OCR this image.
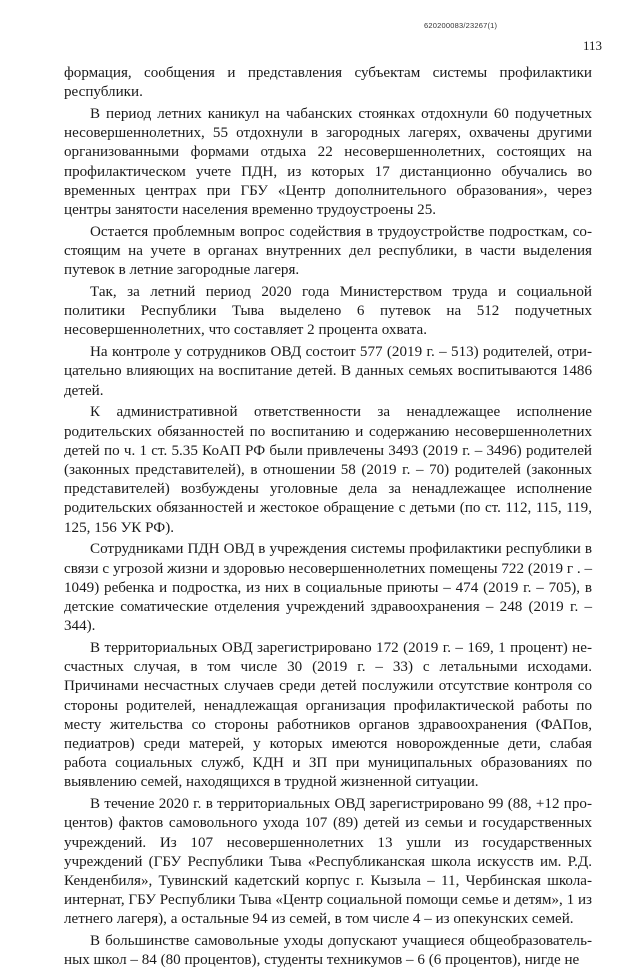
620200083/23267(1)
113

формация, сообщения и представления субъектам системы профилактики республики.

В период летних каникул на чабанских стоянках отдохнули 60 подучетных несовершеннолетних, 55 отдохнули в загородных лагерях, охвачены другими организованными формами отдыха 22 несовершеннолетних, состоящих на профилактическом учете ПДН, из которых 17 дистанционно обучались во временных центрах при ГБУ «Центр дополнительного образования», через центры занятости населения временно трудоустроены 25.

Остается проблемным вопрос содействия в трудоустройстве подросткам, состоящим на учете в органах внутренних дел республики, в части выделения путевок в летние загородные лагеря.

Так, за летний период 2020 года Министерством труда и социальной политики Республики Тыва выделено 6 путевок на 512 подучетных несовершеннолетних, что составляет 2 процента охвата.

На контроле у сотрудников ОВД состоит 577 (2019 г. – 513) родителей, отрицательно влияющих на воспитание детей. В данных семьях воспитываются 1486 детей.

К административной ответственности за ненадлежащее исполнение родительских обязанностей по воспитанию и содержанию несовершеннолетних детей по ч. 1 ст. 5.35 КоАП РФ были привлечены 3493 (2019 г. – 3496) родителей (законных представителей), в отношении 58 (2019 г. – 70) родителей (законных представителей) возбуждены уголовные дела за ненадлежащее исполнение родительских обязанностей и жестокое обращение с детьми (по ст. 112, 115, 119, 125, 156 УК РФ).

Сотрудниками ПДН ОВД в учреждения системы профилактики республики в связи с угрозой жизни и здоровью несовершеннолетних помещены 722 (2019 г . – 1049) ребенка и подростка, из них в социальные приюты – 474 (2019 г. – 705), в детские соматические отделения учреждений здравоохранения – 248 (2019 г. – 344).

В территориальных ОВД зарегистрировано 172 (2019 г. – 169, 1 процент) несчастных случая, в том числе 30 (2019 г. – 33) с летальными исходами. Причинами несчастных случаев среди детей послужили отсутствие контроля со стороны родителей, ненадлежащая организация профилактической работы по месту жительства со стороны работников органов здравоохранения (ФАПов, педиатров) среди матерей, у которых имеются новорожденные дети, слабая работа социальных служб, КДН и ЗП при муниципальных образованиях по выявлению семей, находящихся в трудной жизненной ситуации.

В течение 2020 г. в территориальных ОВД зарегистрировано 99 (88, +12 процентов) фактов самовольного ухода 107 (89) детей из семьи и государственных учреждений. Из 107 несовершеннолетних 13 ушли из государственных учреждений (ГБУ Республики Тыва «Республиканская школа искусств им. Р.Д. Кенденбиля», Тувинский кадетский корпус г. Кызыла – 11, Чербинская школа-интернат, ГБУ Республики Тыва «Центр социальной помощи семье и детям», 1 из летнего лагеря), а остальные 94 из семей, в том числе 4 – из опекунских семей.

В большинстве самовольные уходы допускают учащиеся общеобразовательных школ – 84 (80 процентов), студенты техникумов – 6 (6 процентов), нигде не
